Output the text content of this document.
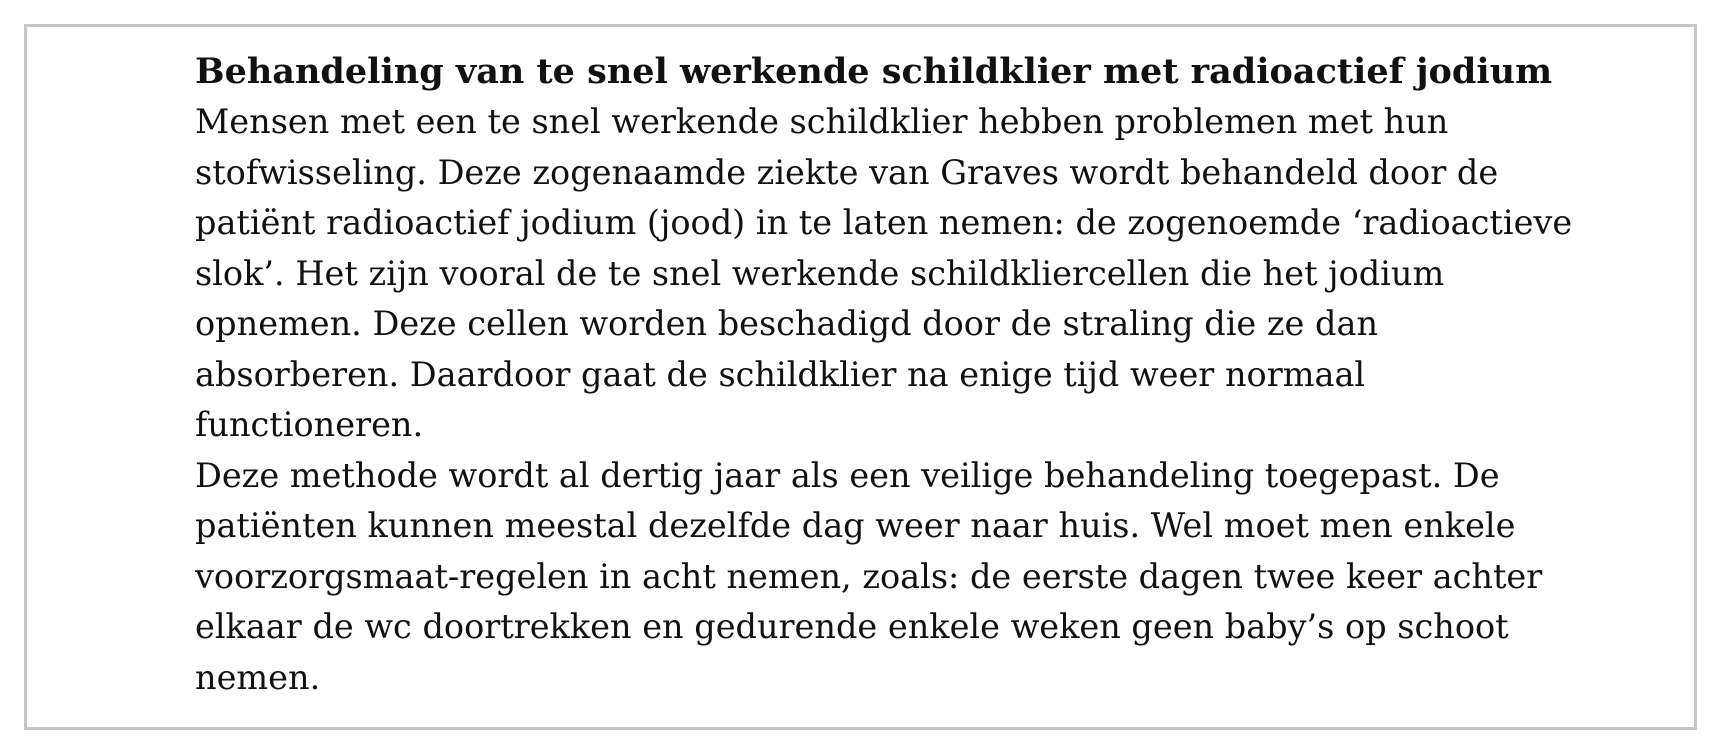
Behandeling van te snel werkende schildklier met radioactief jodium
Mensen met een te snel werkende schildklier hebben problemen met hun
stofwisseling. Deze zogenaamde ziekte van Graves wordt behandeld door de
patiënt radioactief jodium (jood) in te laten nemen: de zogenoemde ‘radioactieve
slok’. Het zijn vooral de te snel werkende schildkliercellen die het jodium
opnemen. Deze cellen worden beschadigd door de straling die ze dan
absorberen. Daardoor gaat de schildklier na enige tijd weer normaal
functioneren.
Deze methode wordt al dertig jaar als een veilige behandeling toegepast. De
patiënten kunnen meestal dezelfde dag weer naar huis. Wel moet men enkele
voorzorgsmaat-regelen in acht nemen, zoals: de eerste dagen twee keer achter
elkaar de wc doortrekken en gedurende enkele weken geen baby’s op schoot
nemen.
